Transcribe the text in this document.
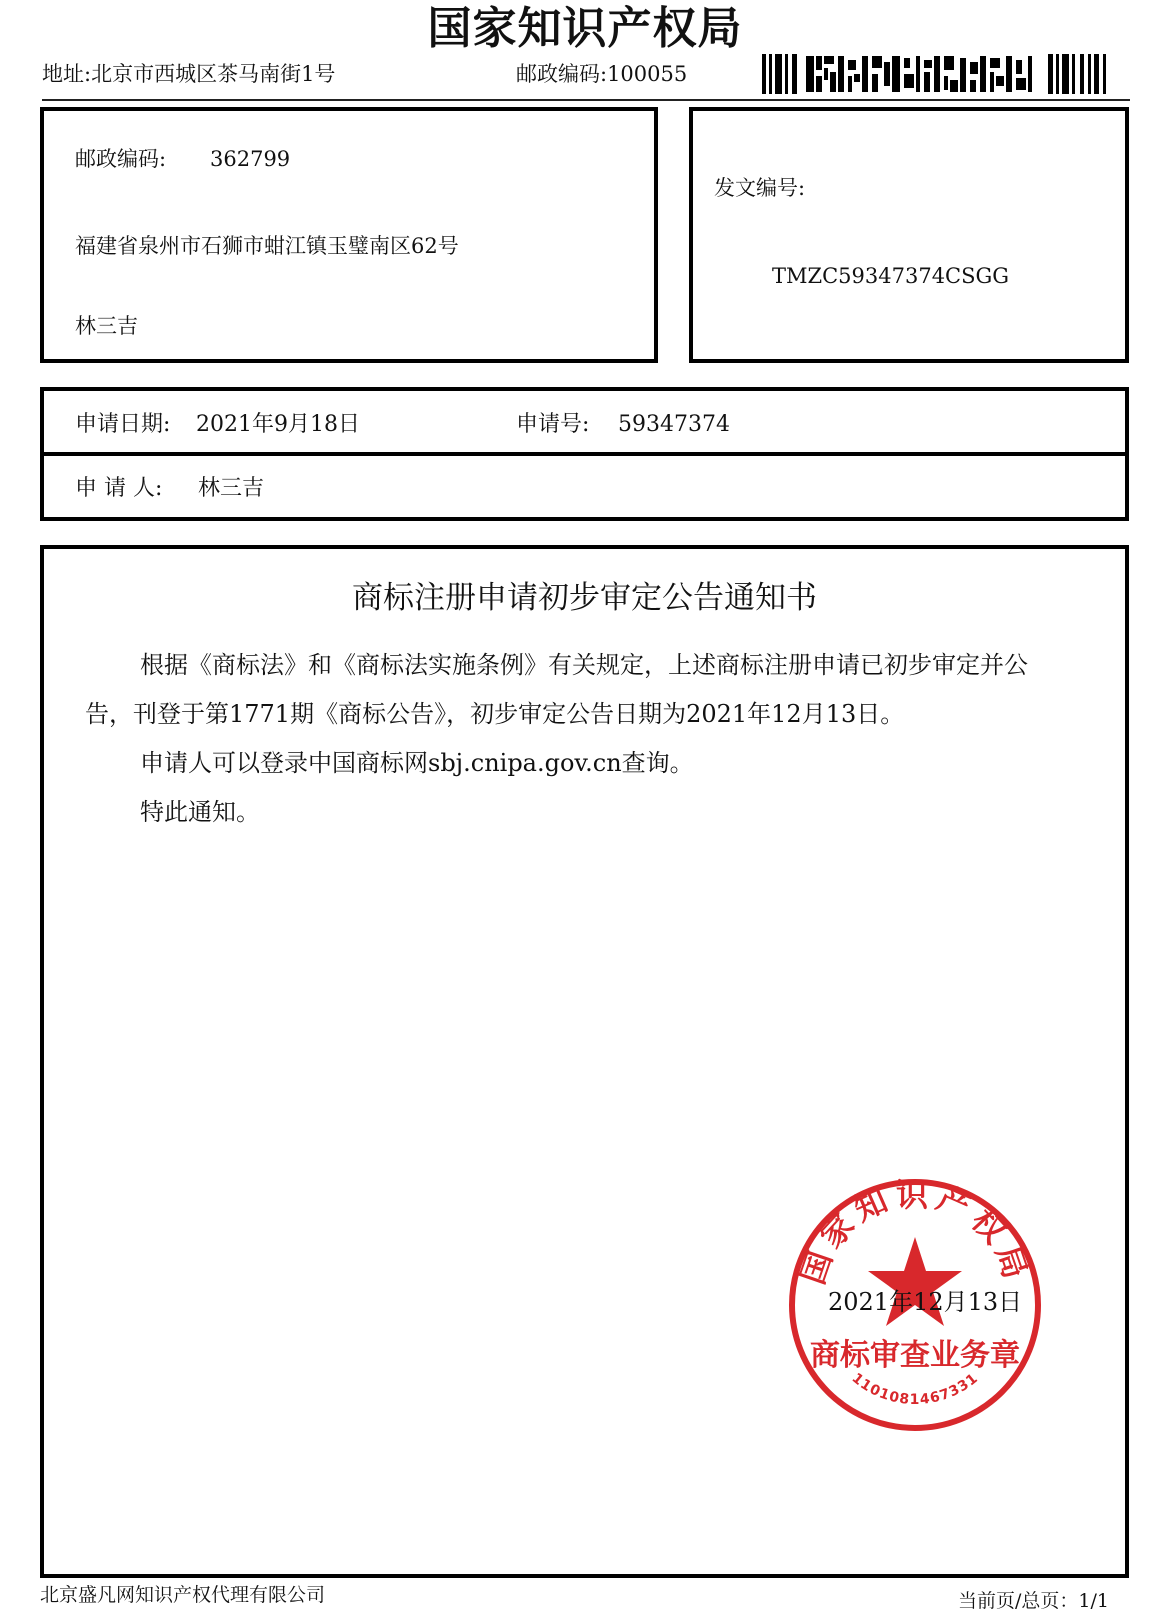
国家知识产权局
地址:北京市西城区茶马南街1号	邮政编码:100055
邮政编码: 362799
福建省泉州市石狮市蚶江镇玉璧南区62号
林三吉
发文编号:
TMZC59347374CSGG
申请日期: 2021年9月18日	申请号: 59347374
申 请 人: 林三吉
商标注册申请初步审定公告通知书
根据《商标法》和《商标法实施条例》有关规定，上述商标注册申请已初步审定并公
告，刊登于第1771期《商标公告》，初步审定公告日期为2021年12月13日。
申请人可以登录中国商标网sbj.cnipa.gov.cn查询。
特此通知。
国家知识产权局
商标审查业务章
1101081467331
2021年12月13日
北京盛凡网知识产权代理有限公司	当前页/总页：1/1
